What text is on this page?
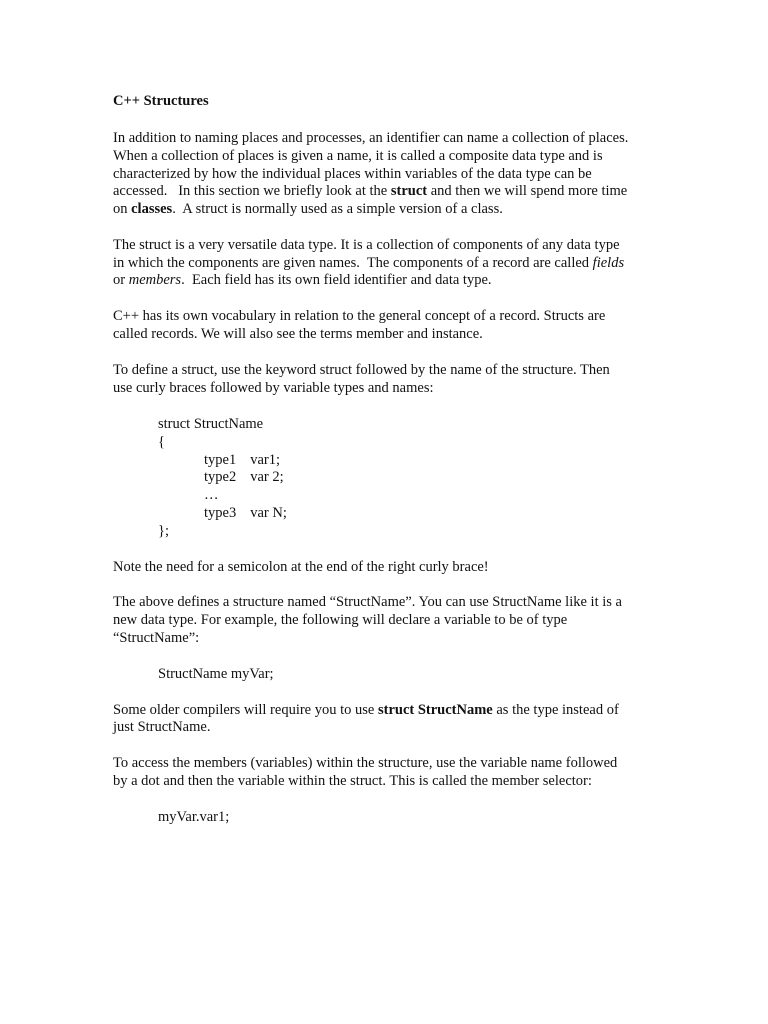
C++ Structures
In addition to naming places and processes, an identifier can name a collection of places.
When a collection of places is given a name, it is called a composite data type and is
characterized by how the individual places within variables of the data type can be
accessed.   In this section we briefly look at the struct and then we will spend more time
on classes.  A struct is normally used as a simple version of a class.
The struct is a very versatile data type. It is a collection of components of any data type
in which the components are given names.  The components of a record are called fields
or members.  Each field has its own field identifier and data type.
C++ has its own vocabulary in relation to the general concept of a record. Structs are
called records. We will also see the terms member and instance.
To define a struct, use the keyword struct followed by the name of the structure. Then
use curly braces followed by variable types and names:
struct StructName
{
type1 var1;
type2 var 2;
…
type3 var N;
};
Note the need for a semicolon at the end of the right curly brace!
The above defines a structure named “StructName”. You can use StructName like it is a
new data type. For example, the following will declare a variable to be of type
“StructName”:
StructName myVar;
Some older compilers will require you to use struct StructName as the type instead of
just StructName.
To access the members (variables) within the structure, use the variable name followed
by a dot and then the variable within the struct. This is called the member selector:
myVar.var1;
